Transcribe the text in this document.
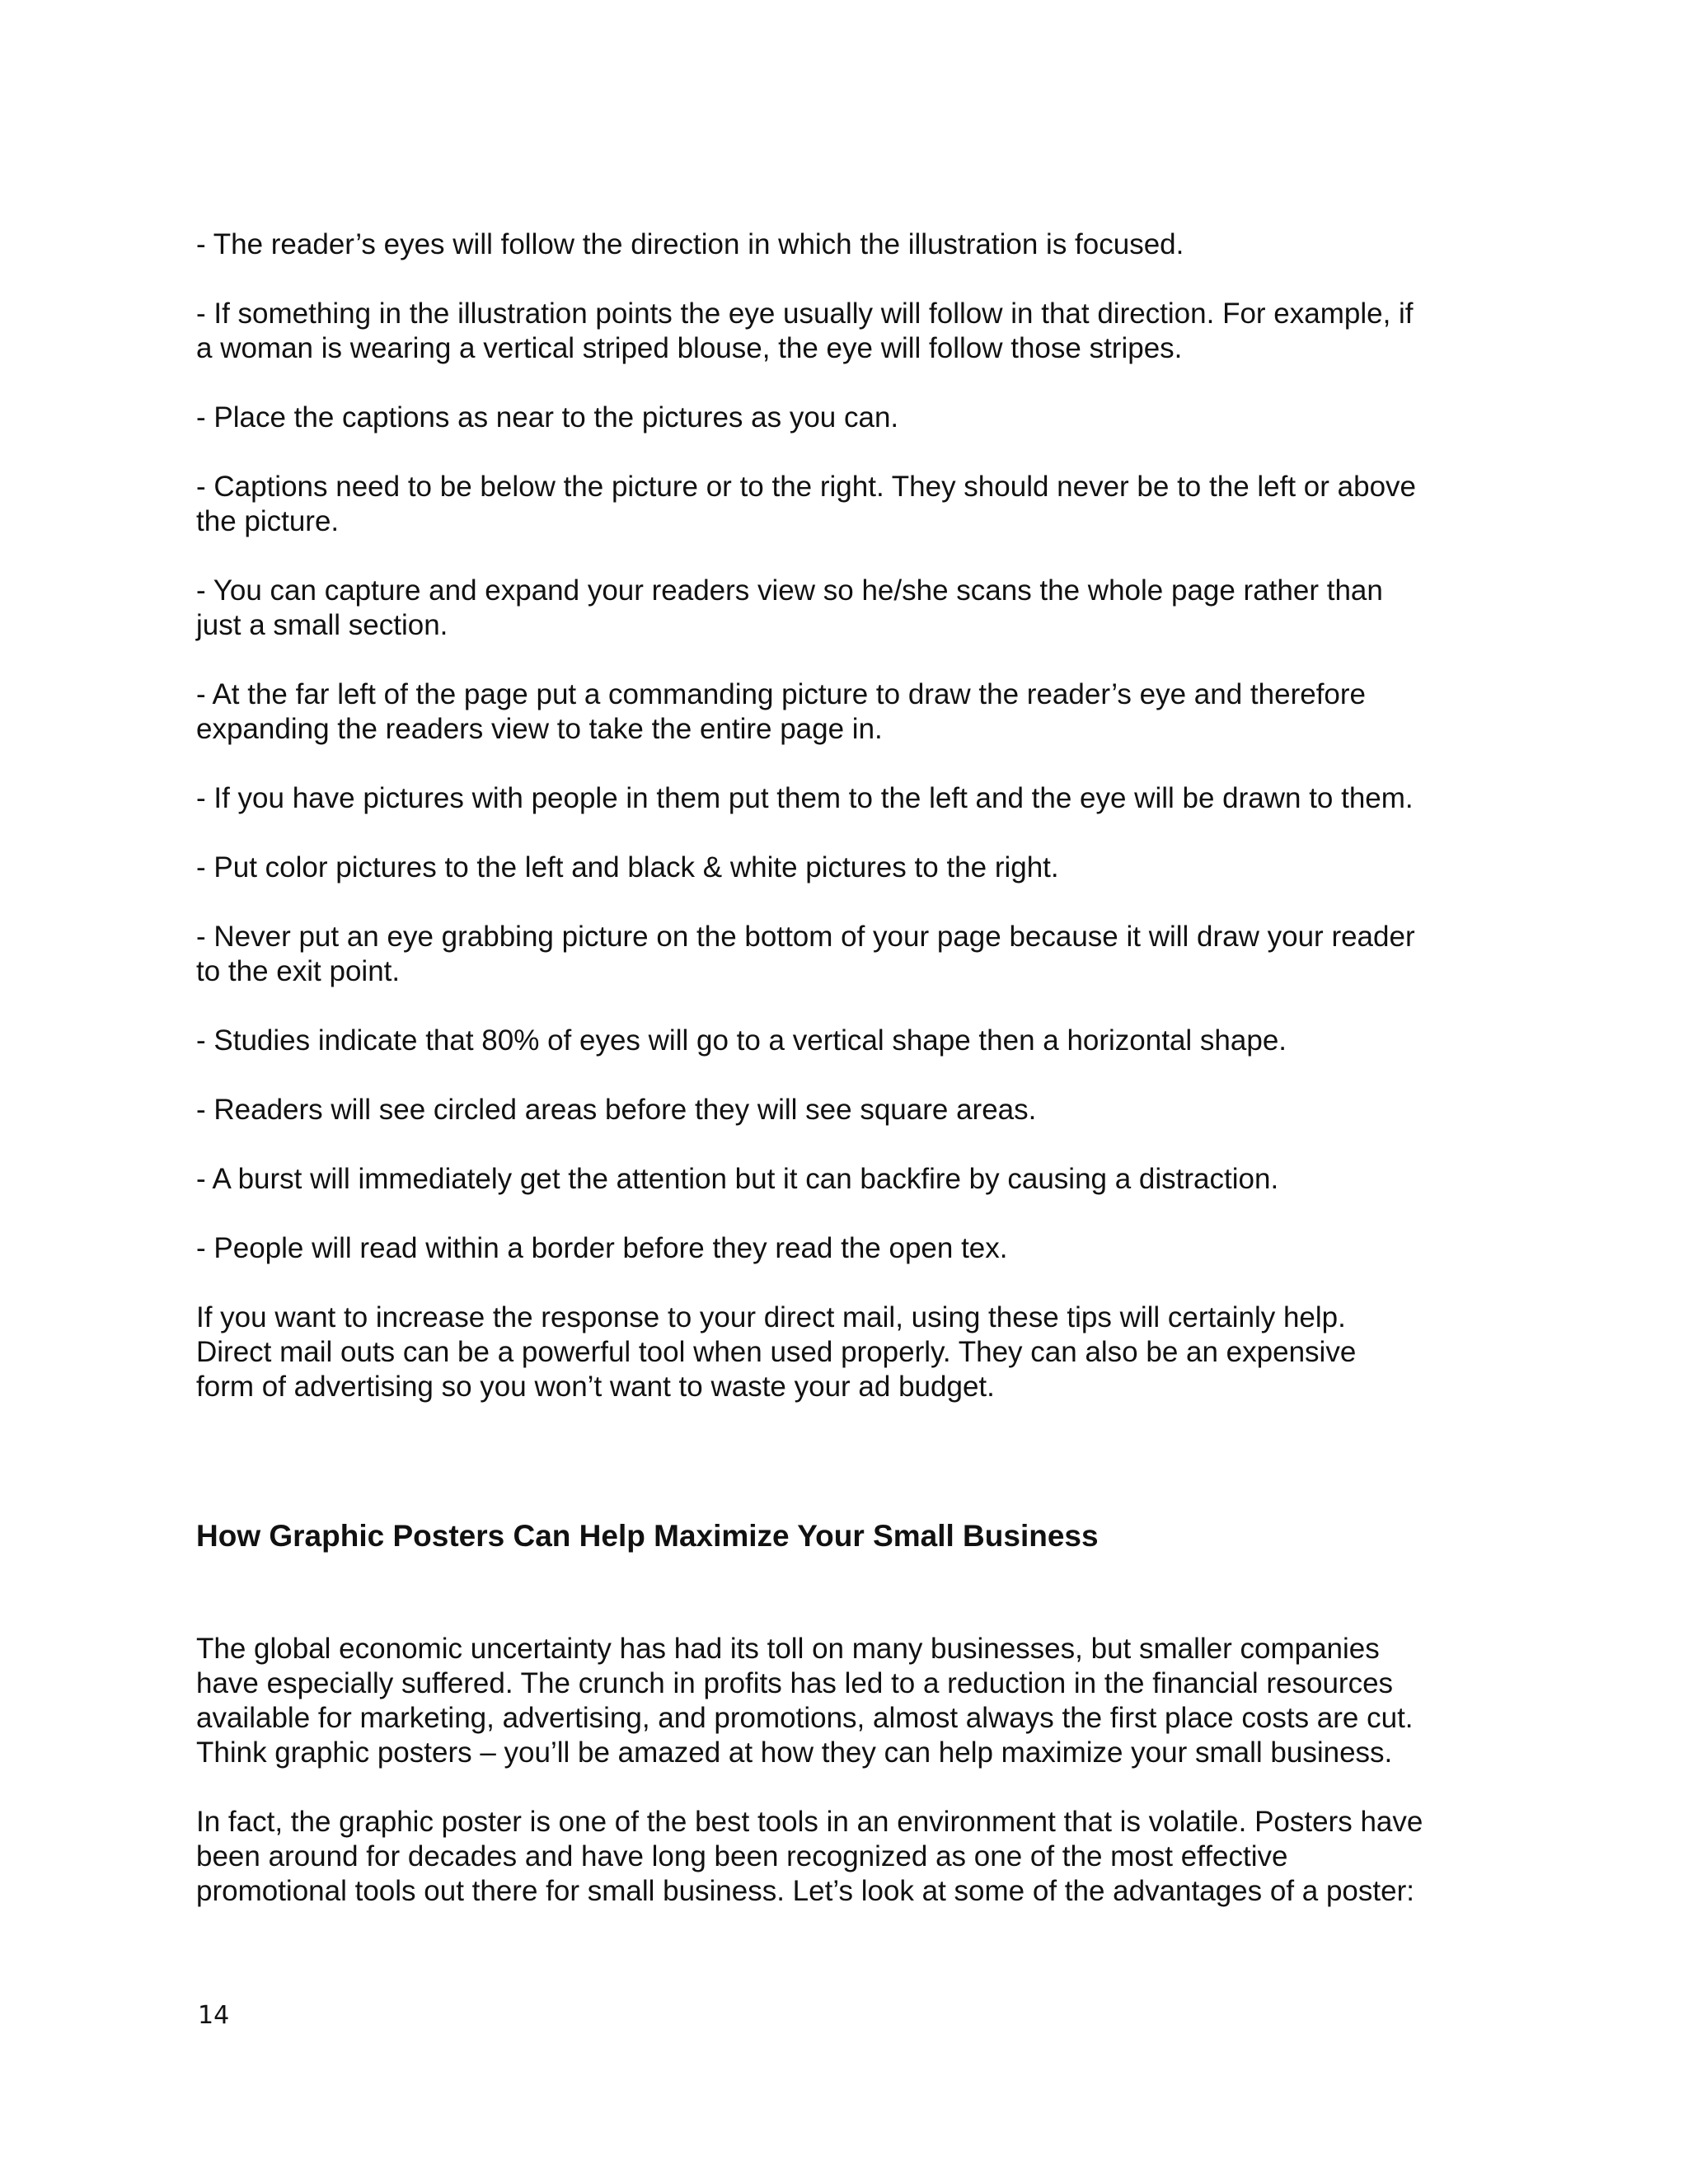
- The reader’s eyes will follow the direction in which the illustration is focused.

- If something in the illustration points the eye usually will follow in that direction. For example, if
a woman is wearing a vertical striped blouse, the eye will follow those stripes.

- Place the captions as near to the pictures as you can.

- Captions need to be below the picture or to the right. They should never be to the left or above
the picture.

- You can capture and expand your readers view so he/she scans the whole page rather than
just a small section.

- At the far left of the page put a commanding picture to draw the reader’s eye and therefore
expanding the readers view to take the entire page in.

- If you have pictures with people in them put them to the left and the eye will be drawn to them.

- Put color pictures to the left and black & white pictures to the right.

- Never put an eye grabbing picture on the bottom of your page because it will draw your reader
to the exit point.

- Studies indicate that 80% of eyes will go to a vertical shape then a horizontal shape.

- Readers will see circled areas before they will see square areas.

- A burst will immediately get the attention but it can backfire by causing a distraction.

- People will read within a border before they read the open tex.

If you want to increase the response to your direct mail, using these tips will certainly help.
Direct mail outs can be a powerful tool when used properly. They can also be an expensive
form of advertising so you won’t want to waste your ad budget.

How Graphic Posters Can Help Maximize Your Small Business

The global economic uncertainty has had its toll on many businesses, but smaller companies
have especially suffered. The crunch in profits has led to a reduction in the financial resources
available for marketing, advertising, and promotions, almost always the first place costs are cut.
Think graphic posters – you’ll be amazed at how they can help maximize your small business.

In fact, the graphic poster is one of the best tools in an environment that is volatile. Posters have
been around for decades and have long been recognized as one of the most effective
promotional tools out there for small business. Let’s look at some of the advantages of a poster:

14
